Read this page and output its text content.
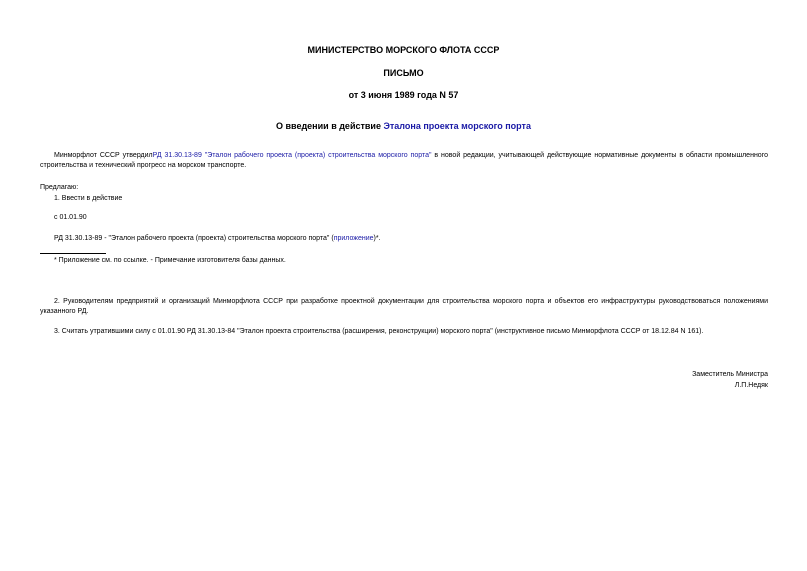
МИНИСТЕРСТВО МОРСКОГО ФЛОТА СССР
ПИСЬМО
от 3 июня 1989 года N 57
О введении в действие Эталона проекта морского порта
Минморфлот СССР утвердилРД 31.30.13-89 "Эталон рабочего проекта (проекта) строительства морского порта" в новой редакции, учитывающей действующие нормативные документы в области промышленного строительства и технический прогресс на морском транспорте.
Предлагаю:
1. Ввести в действие
с 01.01.90
РД 31.30.13-89 - "Эталон рабочего проекта (проекта) строительства морского порта" (приложение)*.
* Приложение см. по ссылке. - Примечание изготовителя базы данных.
2. Руководителям предприятий и организаций Минморфлота СССР при разработке проектной документации для строительства морского порта и объектов его инфраструктуры руководствоваться положениями указанного РД.
3. Считать утратившими силу с 01.01.90 РД 31.30.13-84 "Эталон проекта строительства (расширения, реконструкции) морского порта" (инструктивное письмо Минморфлота СССР от 18.12.84 N 161).
Заместитель Министра
Л.П.Недяк
